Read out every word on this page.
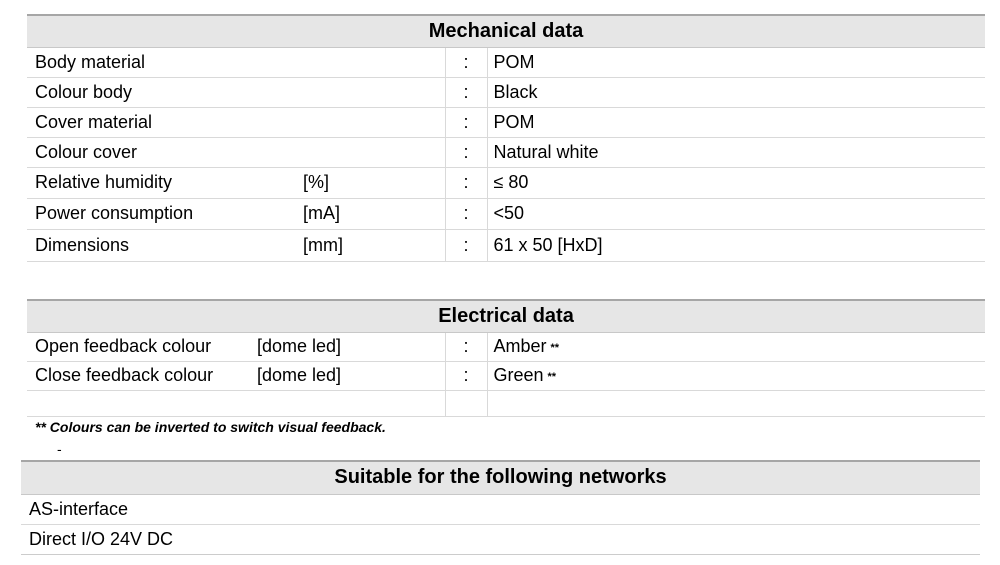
Mechanical data			
Body material		:	POM
Colour body		:	Black
Cover material		:	POM
Colour cover		:	Natural white
Relative humidity	[%]	:	≤ 80
Power consumption	[mA]	:	<50
Dimensions	[mm]	:	61 x 50 [HxD]
Electrical data			
Open feedback colour	[dome led]	:	Amber **
Close feedback colour	[dome led]	:	Green **

** Colours can be inverted to switch visual feedback.
-
Suitable for the following networks
AS-interface
Direct I/O 24V DC
